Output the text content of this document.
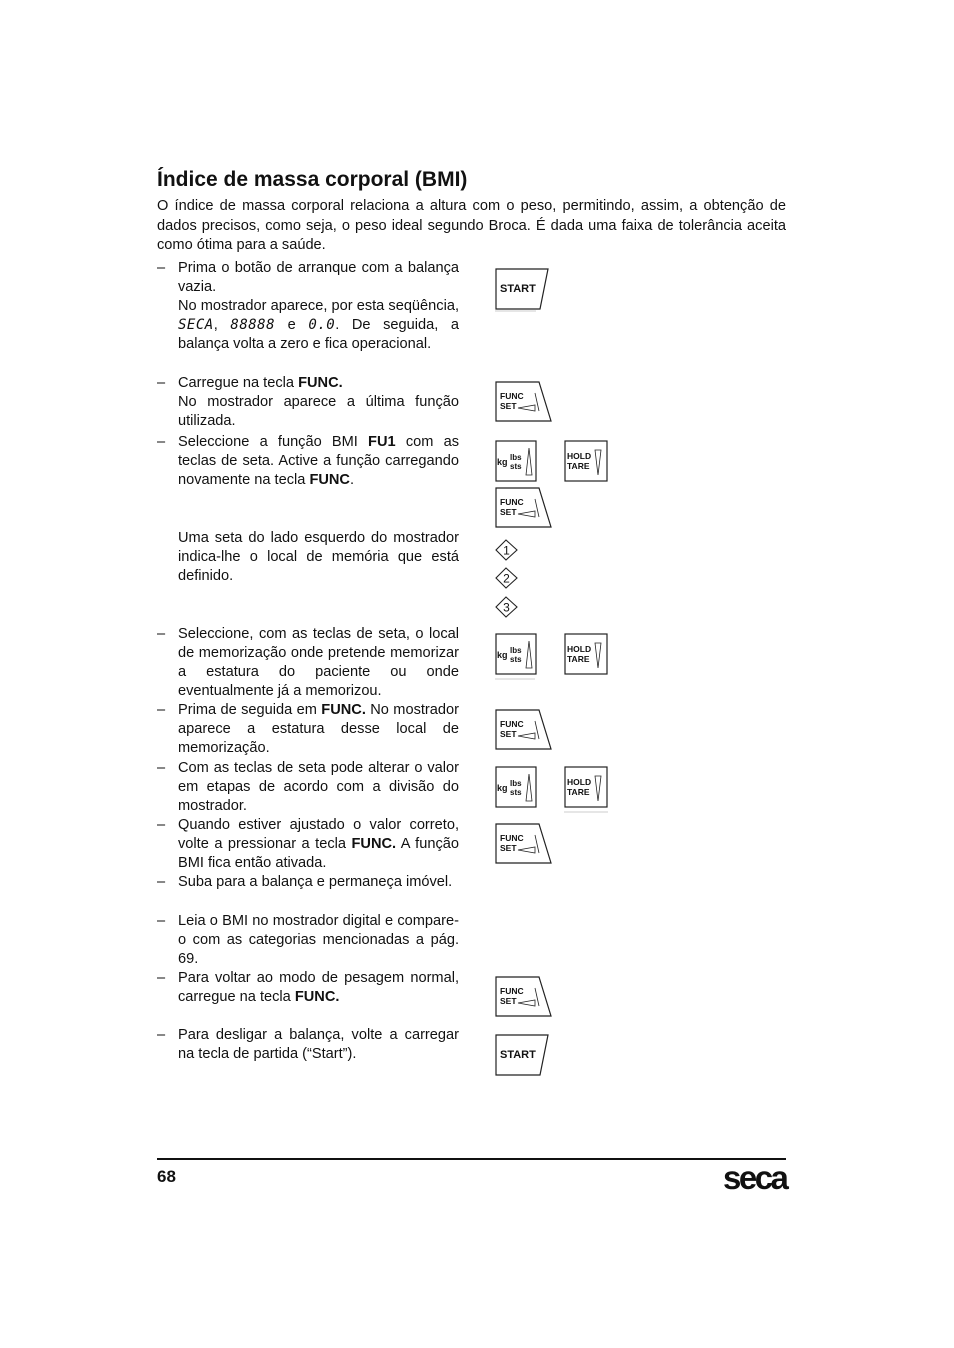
Índice de massa corporal (BMI)

O índice de massa corporal relaciona a altura com o peso, permitindo, assim, a obtenção de dados precisos, como seja, o peso ideal segundo Broca. É dada uma faixa de tolerância aceita como ótima para a saúde.

– Prima o botão de arranque com a balança vazia.
No mostrador aparece, por esta seqüência, SECA, 88888 e 0.0. De seguida, a balança volta a zero e fica operacional.
– Carregue na tecla FUNC.
No mostrador aparece a última função utilizada.
– Seleccione a função BMI FU1 com as teclas de seta. Active a função carregando novamente na tecla FUNC.
Uma seta do lado esquerdo do mostrador indica-lhe o local de memória que está definido.
– Seleccione, com as teclas de seta, o local de memorização onde pretende memorizar a estatura do paciente ou onde eventualmente já a memorizou.
– Prima de seguida em FUNC. No mostrador aparece a estatura desse local de memorização.
– Com as teclas de seta pode alterar o valor em etapas de acordo com a divisão do mostrador.
– Quando estiver ajustado o valor correto, volte a pressionar a tecla FUNC. A função BMI fica então ativada.
– Suba para a balança e permaneça imóvel.
– Leia o BMI no mostrador digital e compare-o com as categorias mencionadas a pág. 69.
– Para voltar ao modo de pesagem normal, carregue na tecla FUNC.
– Para desligar a balança, volte a carregar na tecla de partida (“Start”).
START
FUNC
SET
kg lbs
sts
HOLD
TARE
FUNC
SET
1
2
3
kg lbs
sts
HOLD
TARE
FUNC
SET
kg lbs
sts
HOLD
TARE
FUNC
SET
FUNC
SET
START
68	seca
